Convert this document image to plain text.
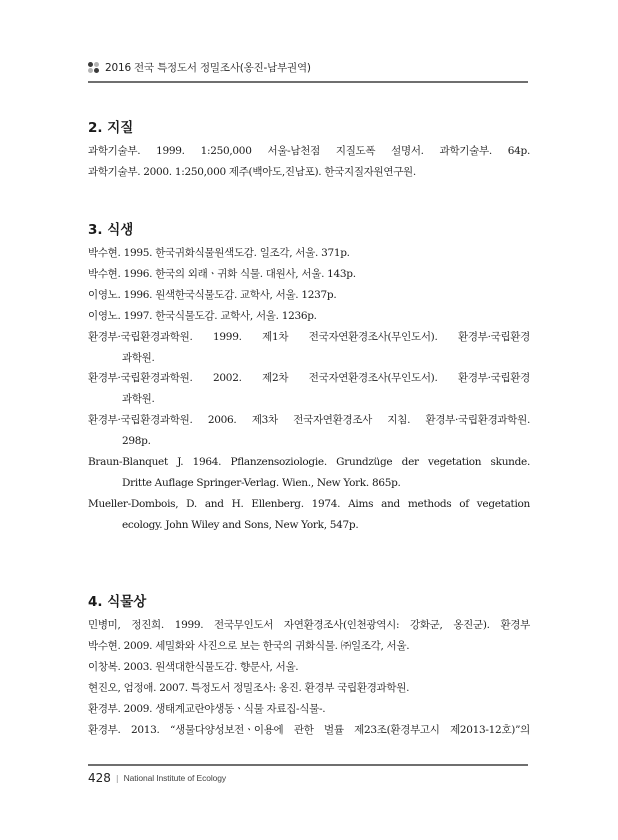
2016 전국 특정도서 정밀조사(옹진-남부권역)
2. 지질
과학기술부. 1999. 1:250,000 서울-남천점 지질도폭 설명서. 과학기술부. 64p.
과학기술부. 2000. 1:250,000 제주(백아도,진남포). 한국지질자원연구원.
3. 식생
박수현. 1995. 한국귀화식물원색도감. 일조각, 서울. 371p.
박수현. 1996. 한국의 외래ㆍ귀화 식물. 대원사, 서울. 143p.
이영노. 1996. 원색한국식물도감. 교학사, 서울. 1237p.
이영노. 1997. 한국식물도감. 교학사, 서울. 1236p.
환경부·국립환경과학원. 1999. 제1차 전국자연환경조사(무인도서). 환경부·국립환경
과학원.
환경부·국립환경과학원. 2002. 제2차 전국자연환경조사(무인도서). 환경부·국립환경
과학원.
환경부·국립환경과학원. 2006. 제3차 전국자연환경조사 지침. 환경부·국립환경과학원.
298p.
Braun-Blanquet J. 1964. Pflanzensoziologie. Grundzüge der vegetation skunde.
Dritte Auflage Springer-Verlag. Wien., New York. 865p.
Mueller-Dombois, D. and H. Ellenberg. 1974. Aims and methods of vegetation
ecology. John Wiley and Sons, New York, 547p.
4. 식물상
민병미, 정진희. 1999. 전국무인도서 자연환경조사(인천광역시: 강화군, 옹진군). 환경부
박수현. 2009. 세밀화와 사진으로 보는 한국의 귀화식물. ㈜일조각, 서울.
이창복. 2003. 원색대한식물도감. 향문사, 서울.
현진오, 엄정애. 2007. 특정도서 정밀조사: 옹진. 환경부 국립환경과학원.
환경부. 2009. 생태계교란야생동ㆍ식물 자료집-식물-.
환경부. 2013. “생물다양성보전ㆍ이용에 관한 벌률 제23조(환경부고시 제2013-12호)”의
428 | National Institute of Ecology
